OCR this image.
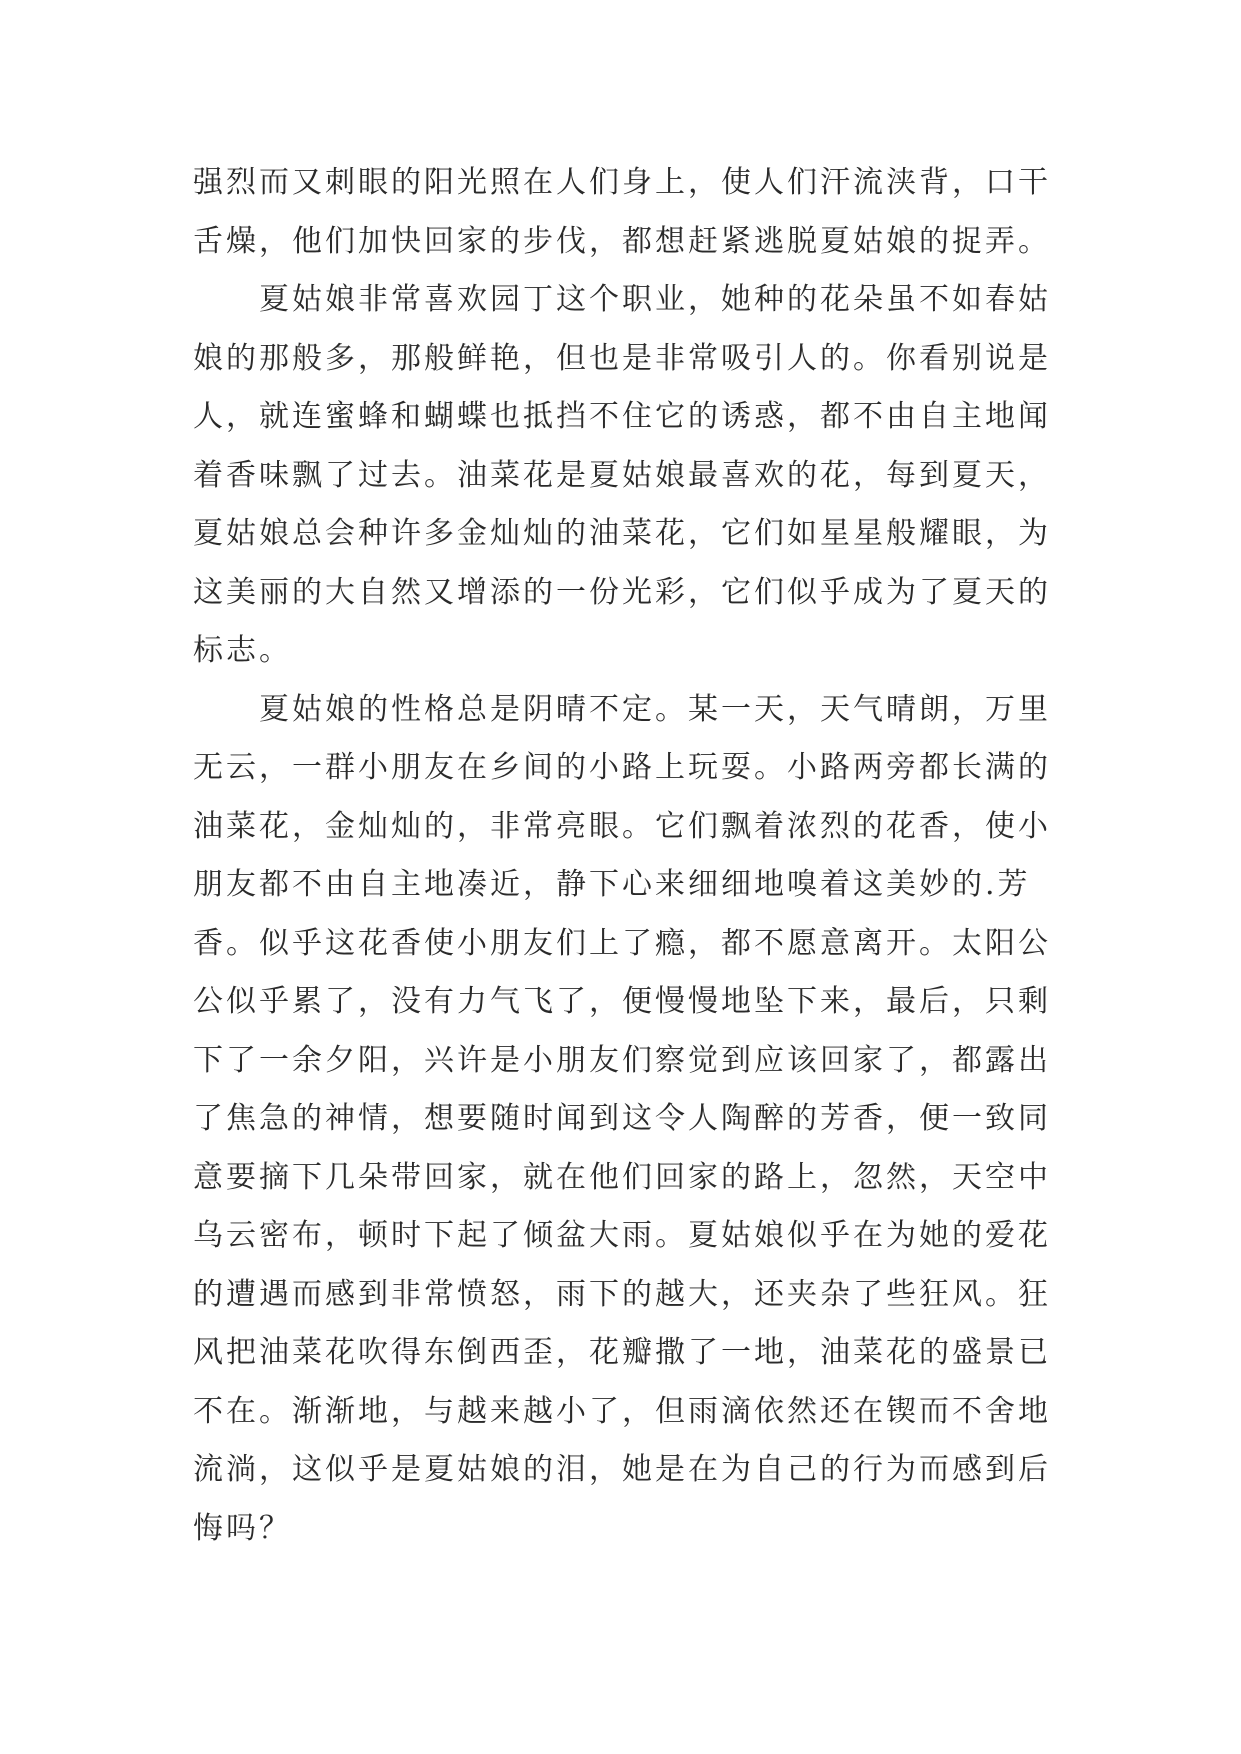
强烈而又刺眼的阳光照在人们身上，使人们汗流浃背，口干
舌燥，他们加快回家的步伐，都想赶紧逃脱夏姑娘的捉弄。
夏姑娘非常喜欢园丁这个职业，她种的花朵虽不如春姑
娘的那般多，那般鲜艳，但也是非常吸引人的。你看别说是
人，就连蜜蜂和蝴蝶也抵挡不住它的诱惑，都不由自主地闻
着香味飘了过去。油菜花是夏姑娘最喜欢的花，每到夏天，
夏姑娘总会种许多金灿灿的油菜花，它们如星星般耀眼，为
这美丽的大自然又增添的一份光彩，它们似乎成为了夏天的
标志。
夏姑娘的性格总是阴晴不定。某一天，天气晴朗，万里
无云，一群小朋友在乡间的小路上玩耍。小路两旁都长满的
油菜花，金灿灿的，非常亮眼。它们飘着浓烈的花香，使小
朋友都不由自主地凑近，静下心来细细地嗅着这美妙的.芳
香。似乎这花香使小朋友们上了瘾，都不愿意离开。太阳公
公似乎累了，没有力气飞了，便慢慢地坠下来，最后，只剩
下了一余夕阳，兴许是小朋友们察觉到应该回家了，都露出
了焦急的神情，想要随时闻到这令人陶醉的芳香，便一致同
意要摘下几朵带回家，就在他们回家的路上，忽然，天空中
乌云密布，顿时下起了倾盆大雨。夏姑娘似乎在为她的爱花
的遭遇而感到非常愤怒，雨下的越大，还夹杂了些狂风。狂
风把油菜花吹得东倒西歪，花瓣撒了一地，油菜花的盛景已
不在。渐渐地，与越来越小了，但雨滴依然还在锲而不舍地
流淌，这似乎是夏姑娘的泪，她是在为自己的行为而感到后
悔吗？
